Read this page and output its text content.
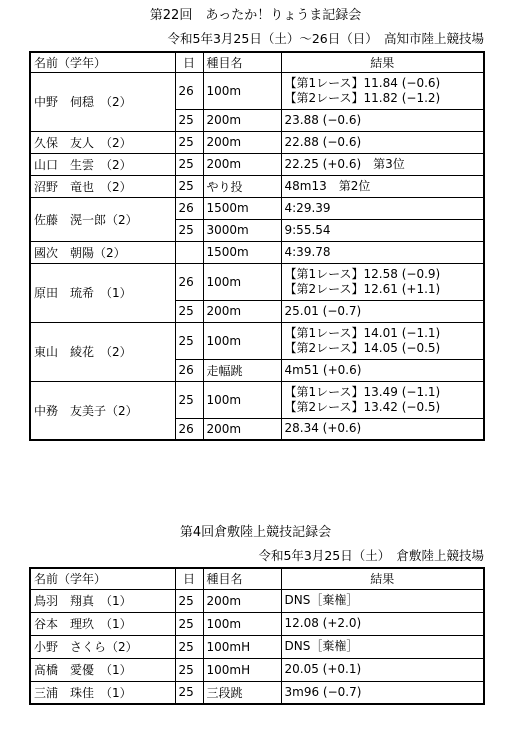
第22回　あったか！りょうま記録会
令和5年3月25日（土）～26日（日）　高知市陸上競技場
名前（学年）	日	種目名	結果
中野　伺穏　（2）	26	100m	【第1レース】11.84 (−0.6)
【第2レース】11.82 (−1.2)

	25	200m	23.88 (−0.6)

久保　友人　（2）	25	200m	22.88 (−0.6)

山口　生雲　（2）	25	200m	22.25 (+0.6)　第3位

沼野　竜也　（2）	25	やり投	48m13　第2位

佐藤　滉一郎（2）	26	1500m	4:29.39

	25	3000m	9:55.54

國次　朝陽（2）		1500m	4:39.78

原田　琉希　（1）	26	100m	【第1レース】12.58 (−0.9)
【第2レース】12.61 (+1.1)

	25	200m	25.01 (−0.7)

東山　綾花　（2）	25	100m	【第1レース】14.01 (−1.1)
【第2レース】14.05 (−0.5)

	26	走幅跳	4m51 (+0.6)

中務　友美子（2）	25	100m	【第1レース】13.49 (−1.1)
【第2レース】13.42 (−0.5)

	26	200m	28.34 (+0.6)
第4回倉敷陸上競技記録会
令和5年3月25日（土）　倉敷陸上競技場
名前（学年）	日	種目名	結果
鳥羽　翔真　（1）	25	200m	DNS［棄権］

谷本　理玖　（1）	25	100m	12.08 (+2.0)

小野　さくら（2）	25	100mH	DNS［棄権］

髙橋　愛優　（1）	25	100mH	20.05 (+0.1)

三浦　珠佳　（1）	25	三段跳	3m96 (−0.7)
